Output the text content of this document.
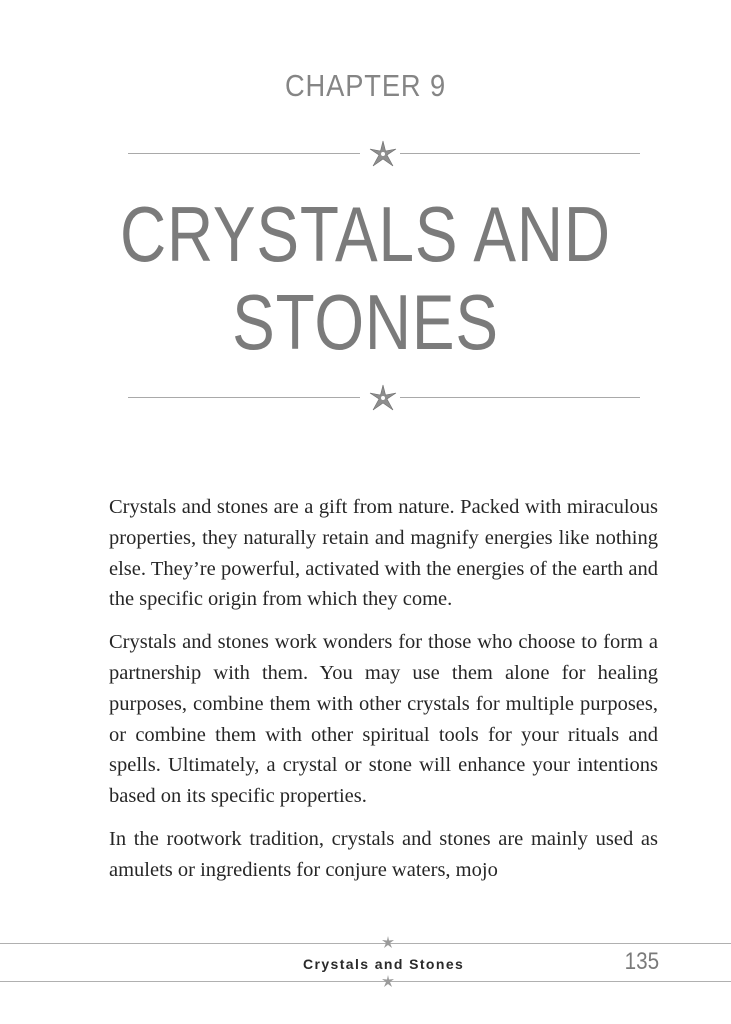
CHAPTER 9
CRYSTALS AND
STONES

Crystals and stones are a gift from nature. Packed with miraculous properties, they naturally retain and magnify energies like nothing else. They’re powerful, activated with the energies of the earth and the specific origin from which they come.

Crystals and stones work wonders for those who choose to form a partnership with them. You may use them alone for healing purposes, combine them with other crystals for multiple purposes, or combine them with other spiritual tools for your rituals and spells. Ultimately, a crystal or stone will enhance your intentions based on its specific properties.

In the rootwork tradition, crystals and stones are mainly used as amulets or ingredients for conjure waters, mojo

Crystals and Stones	135
